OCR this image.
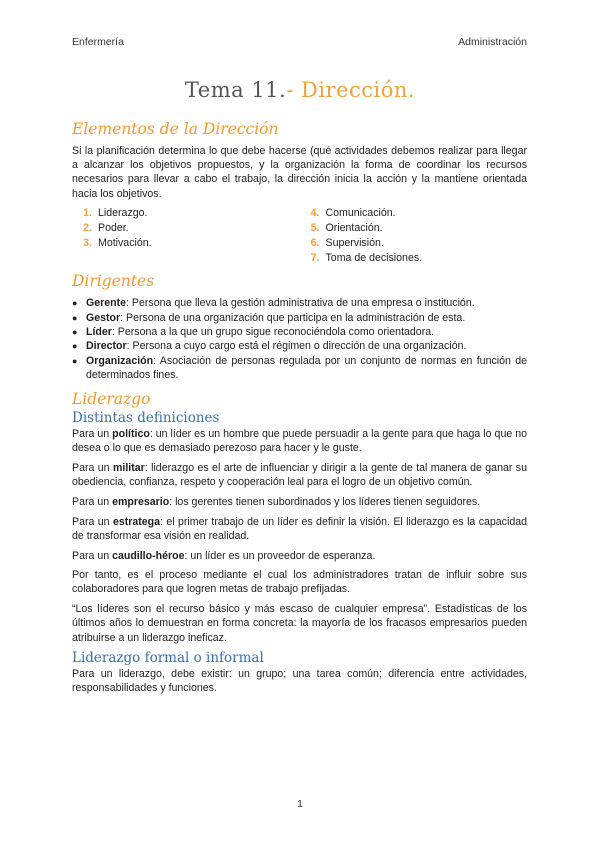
Enfermería	Administración
Tema 11.- Dirección.
Elementos de la Dirección

Si la planificación determina lo que debe hacerse (qué actividades debemos realizar para llegar a alcanzar los objetivos propuestos, y la organización la forma de coordinar los recursos necesarios para llevar a cabo el trabajo, la dirección inicia la acción y la mantiene orientada hacia los objetivos.

1. Liderazgo.
2. Poder.
3. Motivación.
4. Comunicación.
5. Orientación.
6. Supervisión.
7. Toma de decisiones.
Dirigentes
● Gerente: Persona que lleva la gestión administrativa de una empresa o institución.
● Gestor: Persona de una organización que participa en la administración de esta.
● Líder: Persona a la que un grupo sigue reconociéndola como orientadora.
● Director: Persona a cuyo cargo está el régimen o dirección de una organización.
● Organización: Asociación de personas regulada por un conjunto de normas en función de determinados fines.
Liderazgo
Distintas definiciones

Para un político: un líder es un hombre que puede persuadir a la gente para que haga lo que no desea o lo que es demasiado perezoso para hacer y le guste.

Para un militar: liderazgo es el arte de influenciar y dirigir a la gente de tal manera de ganar su obediencia, confianza, respeto y cooperación leal para el logro de un objetivo común.

Para un empresario: los gerentes tienen subordinados y los líderes tienen seguidores.

Para un estratega: el primer trabajo de un líder es definir la visión. El liderazgo es la capacidad de transformar esa visión en realidad.

Para un caudillo-héroe: un líder es un proveedor de esperanza.

Por tanto, es el proceso mediante el cual los administradores tratan de influir sobre sus colaboradores para que logren metas de trabajo prefijadas.

“Los líderes son el recurso básico y más escaso de cualquier empresa”. Estadísticas de los últimos años lo demuestran en forma concreta: la mayoría de los fracasos empresarios pueden atribuirse a un liderazgo ineficaz.

Liderazgo formal o informal

Para un liderazgo, debe existir: un grupo; una tarea común; diferencia entre actividades, responsabilidades y funciones.

1
